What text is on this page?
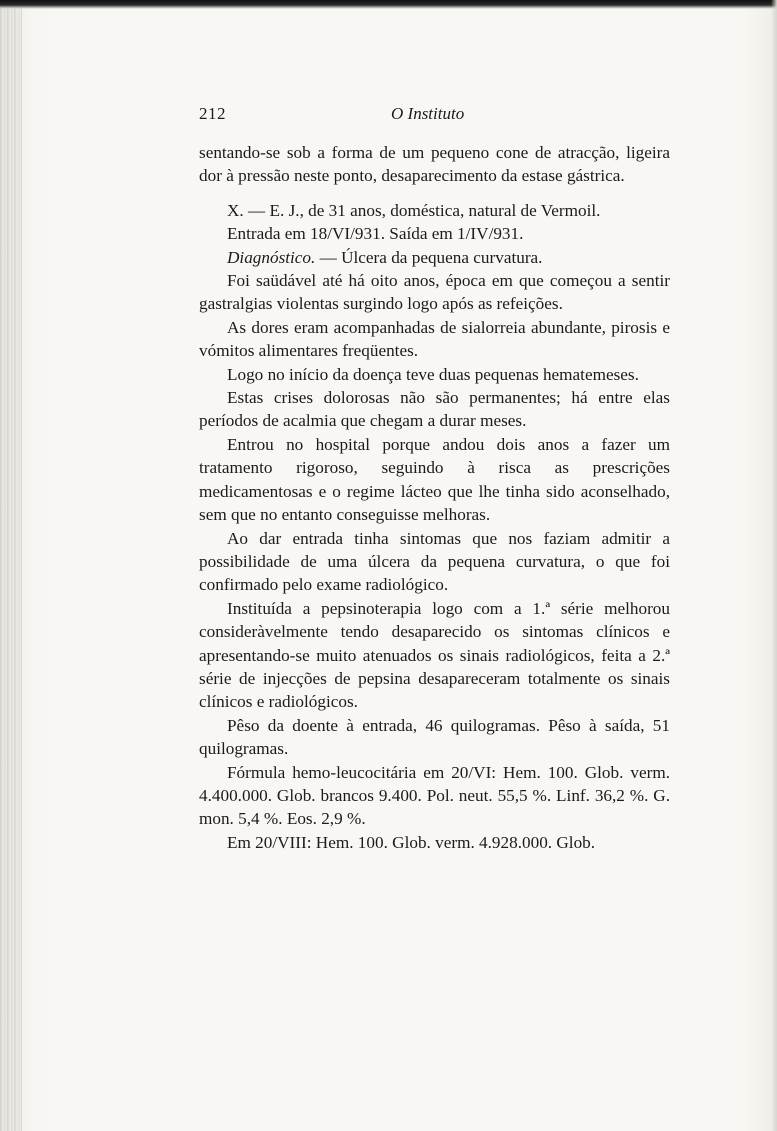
212	O Instituto

sentando-se sob a forma de um pequeno cone de atracção, ligeira dor à pressão neste ponto, desaparecimento da estase gástrica.

X. — E. J., de 31 anos, doméstica, natural de Vermoil.

Entrada em 18/VI/931. Saída em 1/IV/931.

Diagnóstico. — Úlcera da pequena curvatura.

Foi saüdável até há oito anos, época em que começou a sentir gastralgias violentas surgindo logo após as refeições.

As dores eram acompanhadas de sialorreia abundante, pirosis e vómitos alimentares freqüentes.

Logo no início da doença teve duas pequenas hematemeses.

Estas crises dolorosas não são permanentes; há entre elas períodos de acalmia que chegam a durar meses.

Entrou no hospital porque andou dois anos a fazer um tratamento rigoroso, seguindo à risca as prescrições medicamentosas e o regime lácteo que lhe tinha sido aconselhado, sem que no entanto conseguisse melhoras.

Ao dar entrada tinha sintomas que nos faziam admitir a possibilidade de uma úlcera da pequena curvatura, o que foi confirmado pelo exame radiológico.

Instituída a pepsinoterapia logo com a 1.ª série melhorou consideràvelmente tendo desaparecido os sintomas clínicos e apresentando-se muito atenuados os sinais radiológicos, feita a 2.ª série de injecções de pepsina desapareceram totalmente os sinais clínicos e radiológicos.

Pêso da doente à entrada, 46 quilogramas. Pêso à saída, 51 quilogramas.

Fórmula hemo-leucocitária em 20/VI: Hem. 100. Glob. verm. 4.400.000. Glob. brancos 9.400. Pol. neut. 55,5 %. Linf. 36,2 %. G. mon. 5,4 %. Eos. 2,9 %.

Em 20/VIII: Hem. 100. Glob. verm. 4.928.000. Glob.
